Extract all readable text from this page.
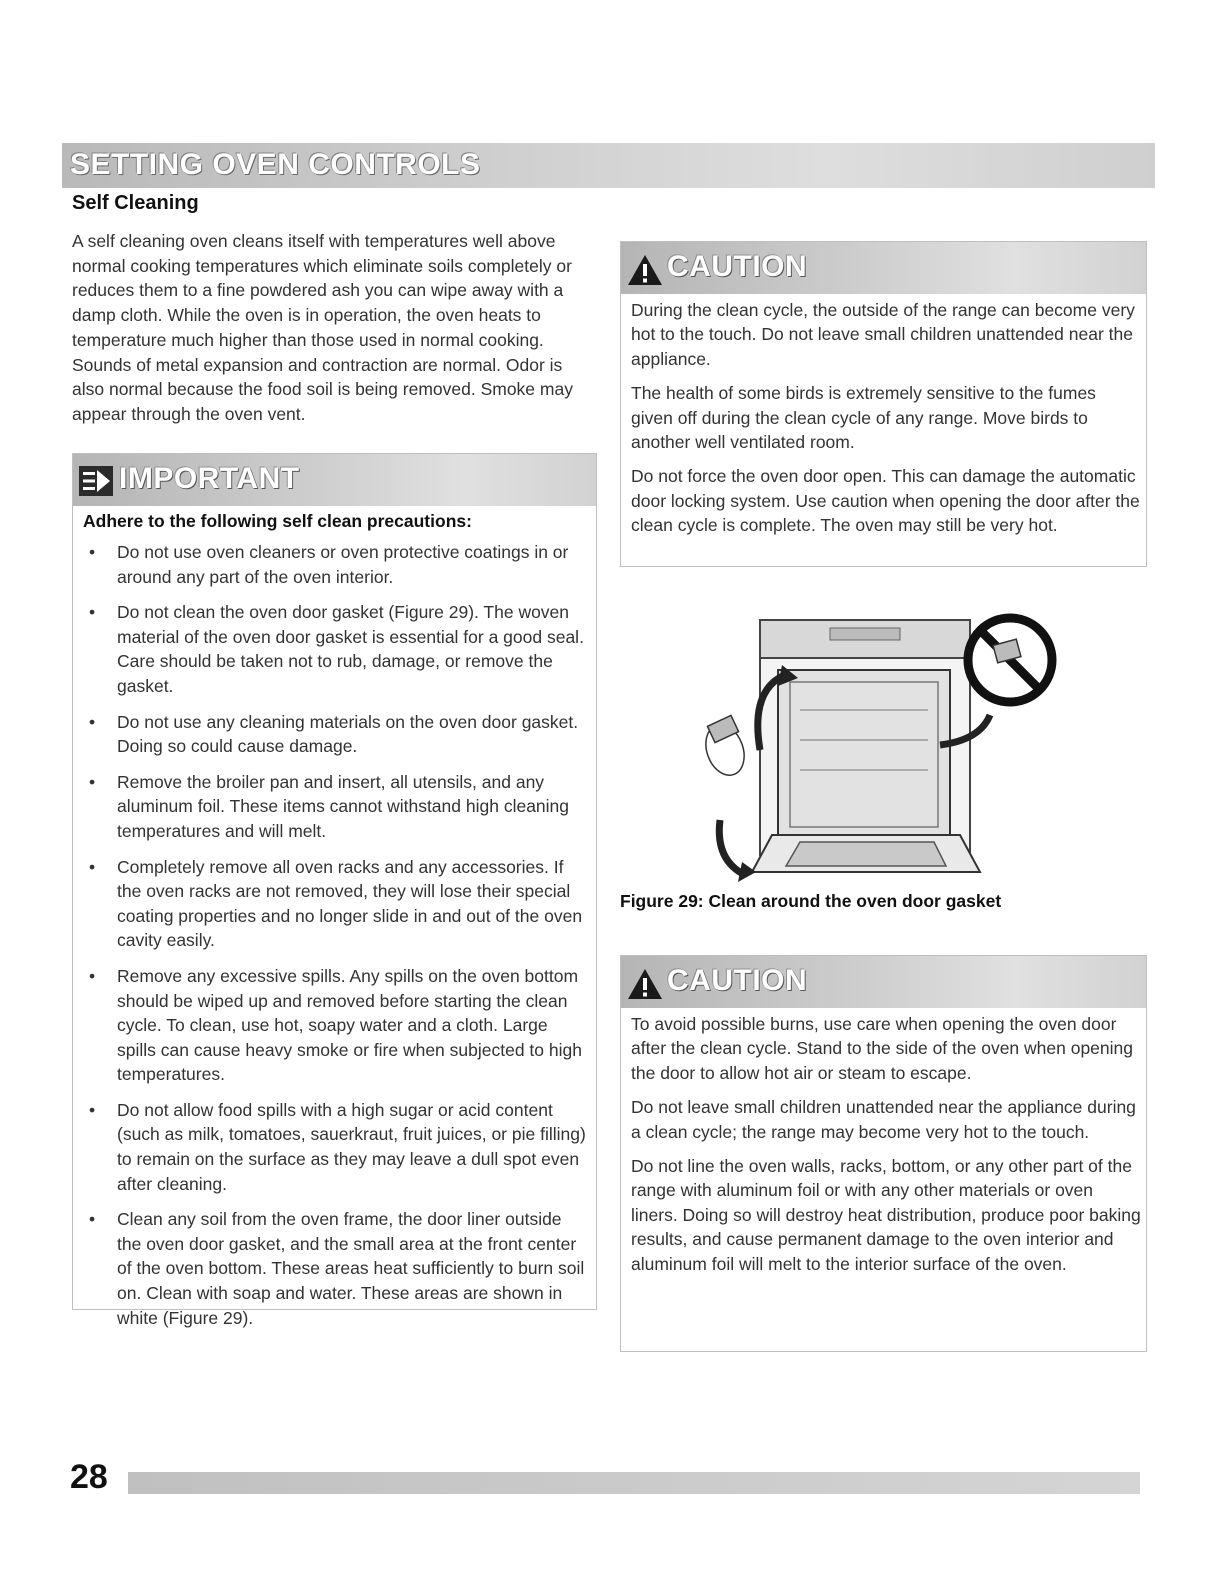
SETTING OVEN CONTROLS
Self Cleaning

A self cleaning oven cleans itself with temperatures well above normal cooking temperatures which eliminate soils completely or reduces them to a fine powdered ash you can wipe away with a damp cloth. While the oven is in operation, the oven heats to temperature much higher than those used in normal cooking. Sounds of metal expansion and contraction are normal. Odor is also normal because the food soil is being removed. Smoke may appear through the oven vent.

IMPORTANT
Adhere to the following self clean precautions:
• Do not use oven cleaners or oven protective coatings in or around any part of the oven interior.
• Do not clean the oven door gasket (Figure 29). The woven material of the oven door gasket is essential for a good seal. Care should be taken not to rub, damage, or remove the gasket.
• Do not use any cleaning materials on the oven door gasket. Doing so could cause damage.
• Remove the broiler pan and insert, all utensils, and any aluminum foil. These items cannot withstand high cleaning temperatures and will melt.
• Completely remove all oven racks and any accessories. If the oven racks are not removed, they will lose their special coating properties and no longer slide in and out of the oven cavity easily.
• Remove any excessive spills. Any spills on the oven bottom should be wiped up and removed before starting the clean cycle. To clean, use hot, soapy water and a cloth. Large spills can cause heavy smoke or fire when subjected to high temperatures.
• Do not allow food spills with a high sugar or acid content (such as milk, tomatoes, sauerkraut, fruit juices, or pie filling) to remain on the surface as they may leave a dull spot even after cleaning.
• Clean any soil from the oven frame, the door liner outside the oven door gasket, and the small area at the front center of the oven bottom. These areas heat sufficiently to burn soil on. Clean with soap and water. These areas are shown in white (Figure 29).
CAUTION

During the clean cycle, the outside of the range can become very hot to the touch. Do not leave small children unattended near the appliance.

The health of some birds is extremely sensitive to the fumes given off during the clean cycle of any range. Move birds to another well ventilated room.

Do not force the oven door open. This can damage the automatic door locking system. Use caution when opening the door after the clean cycle is complete. The oven may still be very hot.

Figure 29: Clean around the oven door gasket
CAUTION

To avoid possible burns, use care when opening the oven door after the clean cycle. Stand to the side of the oven when opening the door to allow hot air or steam to escape.

Do not leave small children unattended near the appliance during a clean cycle; the range may become very hot to the touch.

Do not line the oven walls, racks, bottom, or any other part of the range with aluminum foil or with any other materials or oven liners. Doing so will destroy heat distribution, produce poor baking results, and cause permanent damage to the oven interior and aluminum foil will melt to the interior surface of the oven.

28
